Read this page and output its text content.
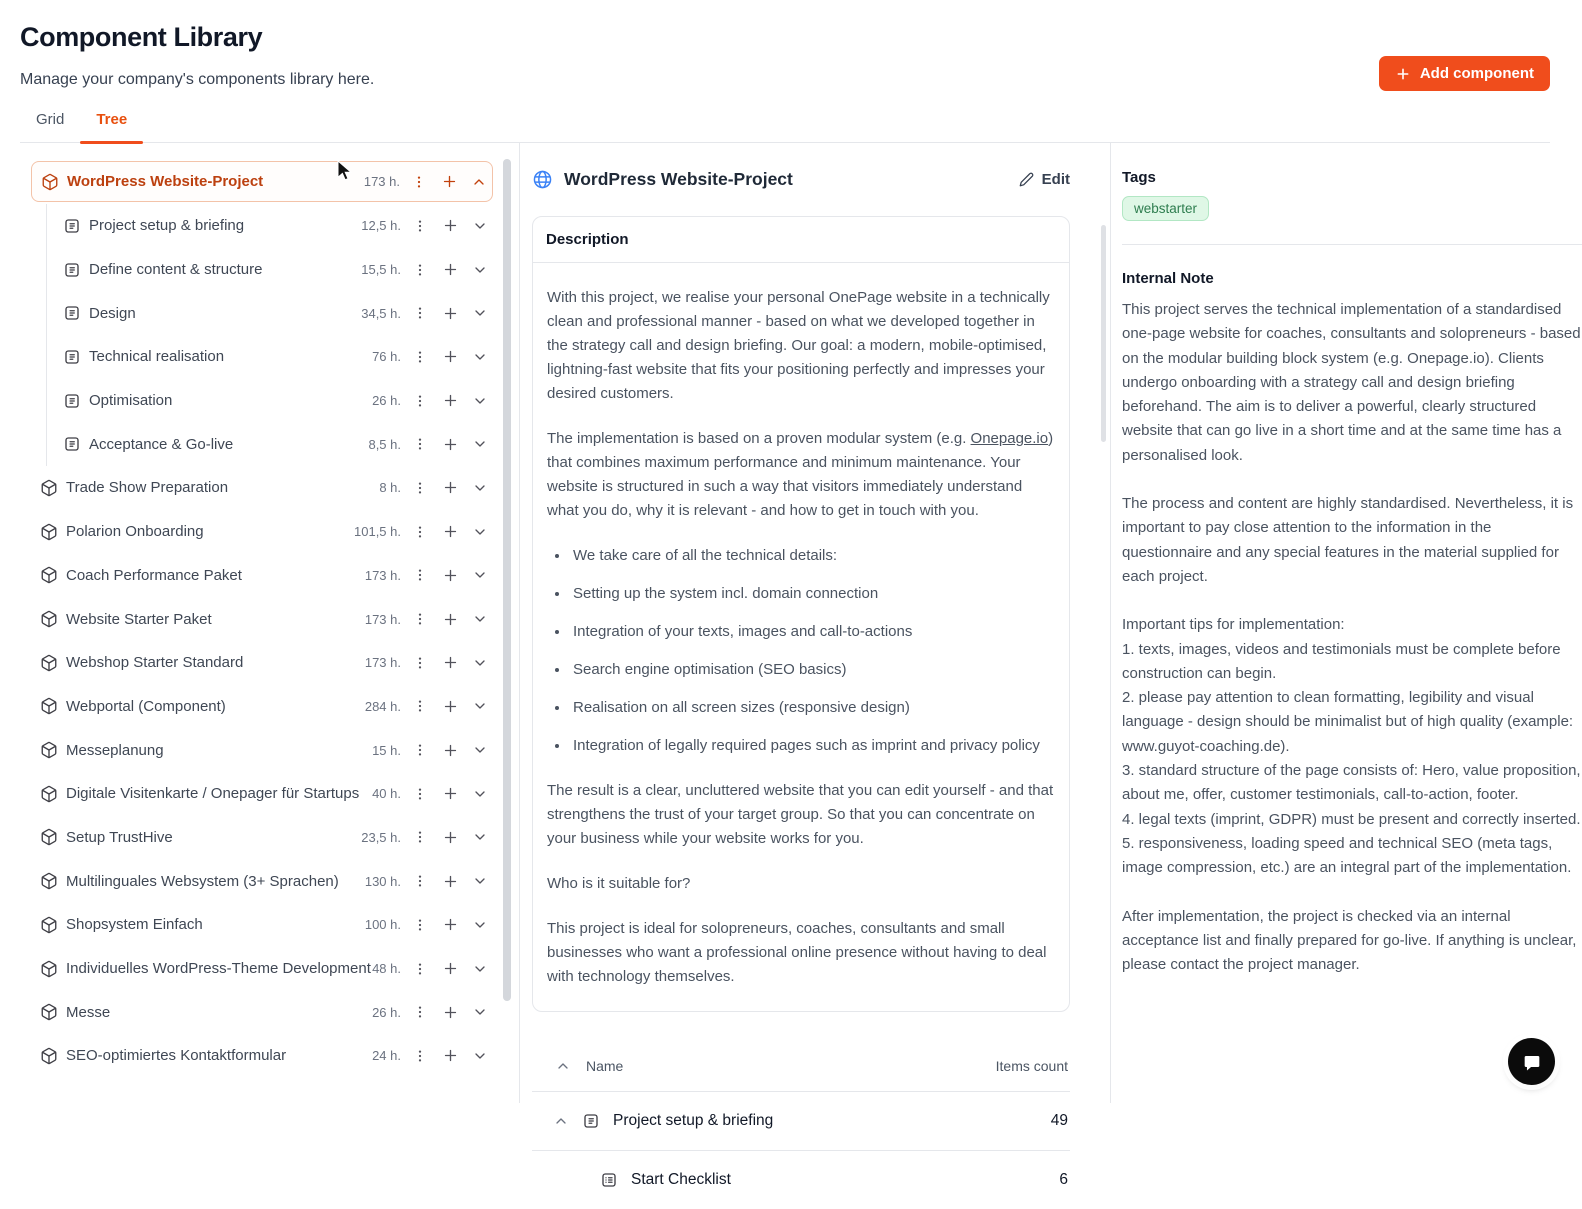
Component Library

Manage your company's components library here.	Add component
Grid	Tree
WordPress Website-Project	173 h.
Project setup & briefing	12,5 h.
Define content & structure	15,5 h.
Design	34,5 h.
Technical realisation	76 h.
Optimisation	26 h.
Acceptance & Go-live	8,5 h.
Trade Show Preparation	8 h.
Polarion Onboarding	101,5 h.
Coach Performance Paket	173 h.
Website Starter Paket	173 h.
Webshop Starter Standard	173 h.
Webportal (Component)	284 h.
Messeplanung	15 h.
Digitale Visitenkarte / Onepager für Startups 40 h.
Setup TrustHive	23,5 h.
Multilinguales Websystem (3+ Sprachen)	130 h.
Shopsystem Einfach	100 h.
Individuelles WordPress-Theme Development 48 h.
Messe	26 h.
SEO-optimiertes Kontaktformular	24 h.
WordPress Website-Project	Edit
Description

With this project, we realise your personal OnePage website in a technically clean and professional manner - based on what we developed together in the strategy call and design briefing. Our goal: a modern, mobile-optimised, lightning-fast website that fits your positioning perfectly and impresses your desired customers.

The implementation is based on a proven modular system (e.g. Onepage.io) that combines maximum performance and minimum maintenance. Your website is structured in such a way that visitors immediately understand what you do, why it is relevant - and how to get in touch with you.

• We take care of all the technical details:
• Setting up the system incl. domain connection
• Integration of your texts, images and call-to-actions
• Search engine optimisation (SEO basics)
• Realisation on all screen sizes (responsive design)
• Integration of legally required pages such as imprint and privacy policy

The result is a clear, uncluttered website that you can edit yourself - and that strengthens the trust of your target group. So that you can concentrate on your business while your website works for you.

Who is it suitable for?

This project is ideal for solopreneurs, coaches, consultants and small businesses who want a professional online presence without having to deal with technology themselves.

Name	Items count
Project setup & briefing	49
Start Checklist	6
Tags
webstarter
Internal Note

This project serves the technical implementation of a standardised one-page website for coaches, consultants and solopreneurs - based on the modular building block system (e.g. Onepage.io). Clients undergo onboarding with a strategy call and design briefing beforehand. The aim is to deliver a powerful, clearly structured website that can go live in a short time and at the same time has a personalised look.

The process and content are highly standardised. Nevertheless, it is important to pay close attention to the information in the questionnaire and any special features in the material supplied for each project.

Important tips for implementation:
1. texts, images, videos and testimonials must be complete before construction can begin.
2. please pay attention to clean formatting, legibility and visual language - design should be minimalist but of high quality (example: www.guyot-coaching.de).
3. standard structure of the page consists of: Hero, value proposition, about me, offer, customer testimonials, call-to-action, footer.
4. legal texts (imprint, GDPR) must be present and correctly inserted.
5. responsiveness, loading speed and technical SEO (meta tags, image compression, etc.) are an integral part of the implementation.

After implementation, the project is checked via an internal acceptance list and finally prepared for go-live. If anything is unclear, please contact the project manager.
